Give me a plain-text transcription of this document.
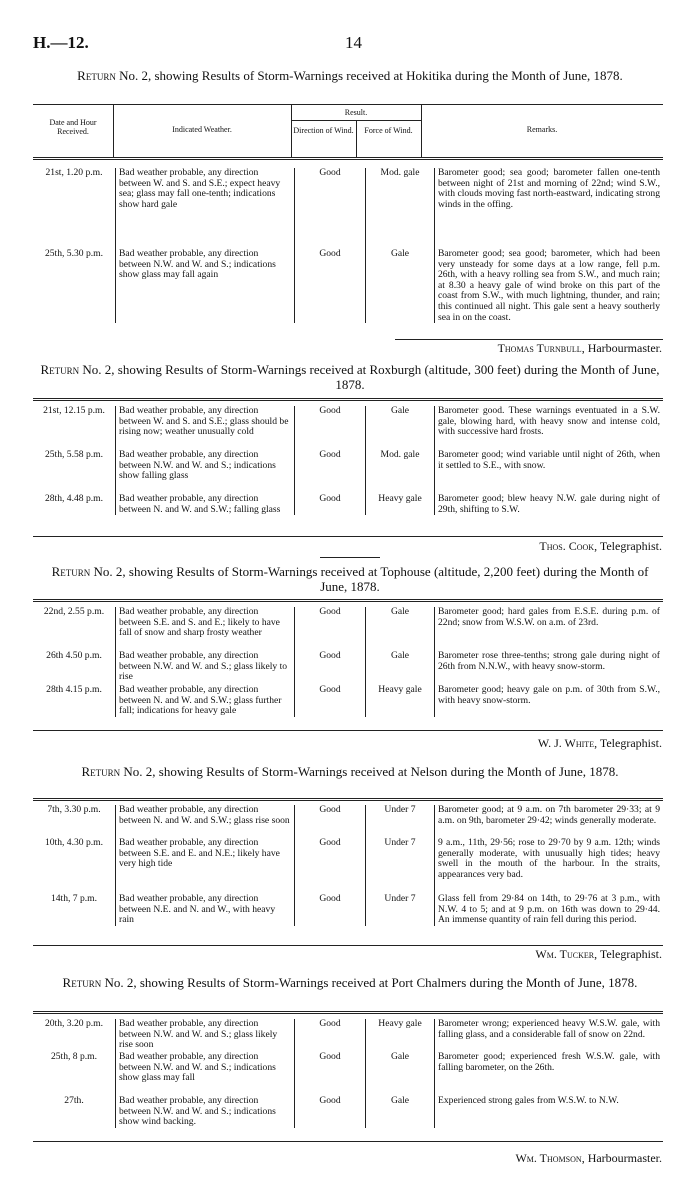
H.—12.	14
Return No. 2, showing Results of Storm-Warnings received at Hokitika during the Month of June, 1878.
Date and Hour Received.	Indicated Weather.
Result.
Direction of Wind.	Force of Wind.	Remarks.
21st, 1.20 p.m.	Bad weather probable, any direction between W. and S. and S.E.; expect heavy sea; glass may fall one-tenth; indications show hard gale	Good	Mod. gale	Barometer good; sea good; barometer fallen one-tenth between night of 21st and morning of 22nd; wind S.W., with clouds moving fast north-eastward, indicating strong winds in the offing.
25th, 5.30 p.m.	Bad weather probable, any direction between N.W. and W. and S.; indications show glass may fall again	Good	Gale	Barometer good; sea good; barometer, which had been very unsteady for some days at a low range, fell p.m. 26th, with a heavy rolling sea from S.W., and much rain; at 8.30 a heavy gale of wind broke on this part of the coast from S.W., with much lightning, thunder, and rain; this continued all night. This gale sent a heavy southerly sea in on the coast.
Thomas Turnbull, Harbourmaster.
Return No. 2, showing Results of Storm-Warnings received at Roxburgh (altitude, 300 feet) during the Month of June, 1878.
21st, 12.15 p.m.	Bad weather probable, any direction between W. and S. and S.E.; glass should be rising now; weather unusually cold	Good	Gale	Barometer good. These warnings eventuated in a S.W. gale, blowing hard, with heavy snow and intense cold, with successive hard frosts.
25th, 5.58 p.m.	Bad weather probable, any direction between N.W. and W. and S.; indications show falling glass	Good	Mod. gale	Barometer good; wind variable until night of 26th, when it settled to S.E., with snow.
28th, 4.48 p.m.	Bad weather probable, any direction between N. and W. and S.W.; falling glass	Good	Heavy gale	Barometer good; blew heavy N.W. gale during night of 29th, shifting to S.W.
Thos. Cook, Telegraphist.
Return No. 2, showing Results of Storm-Warnings received at Tophouse (altitude, 2,200 feet) during the Month of June, 1878.
22nd, 2.55 p.m.	Bad weather probable, any direction between S.E. and S. and E.; likely to have fall of snow and sharp frosty weather	Good	Gale	Barometer good; hard gales from E.S.E. during p.m. of 22nd; snow from W.S.W. on a.m. of 23rd.
26th 4.50 p.m.	Bad weather probable, any direction between N.W. and W. and S.; glass likely to rise	Good	Gale	Barometer rose three-tenths; strong gale during night of 26th from N.N.W., with heavy snow-storm.
28th 4.15 p.m.	Bad weather probable, any direction between N. and W. and S.W.; glass further fall; indications for heavy gale	Good	Heavy gale	Barometer good; heavy gale on p.m. of 30th from S.W., with heavy snow-storm.
W. J. White, Telegraphist.
Return No. 2, showing Results of Storm-Warnings received at Nelson during the Month of June, 1878.
7th, 3.30 p.m.	Bad weather probable, any direction between N. and W. and S.W.; glass rise soon	Good	Under 7	Barometer good; at 9 a.m. on 7th barometer 29·33; at 9 a.m. on 9th, barometer 29·42; winds generally moderate.
10th, 4.30 p.m.	Bad weather probable, any direction between S.E. and E. and N.E.; likely have very high tide	Good	Under 7	9 a.m., 11th, 29·56; rose to 29·70 by 9 a.m. 12th; winds generally moderate, with unusually high tides; heavy swell in the mouth of the harbour. In the straits, appearances very bad.
14th, 7 p.m.	Bad weather probable, any direction between N.E. and N. and W., with heavy rain	Good	Under 7	Glass fell from 29·84 on 14th, to 29·76 at 3 p.m., with N.W. 4 to 5; and at 9 p.m. on 16th was down to 29·44. An immense quantity of rain fell during this period.
Wm. Tucker, Telegraphist.
Return No. 2, showing Results of Storm-Warnings received at Port Chalmers during the Month of June, 1878.
20th, 3.20 p.m.	Bad weather probable, any direction between N.W. and W. and S.; glass likely rise soon	Good	Heavy gale	Barometer wrong; experienced heavy W.S.W. gale, with falling glass, and a considerable fall of snow on 22nd.
25th, 8 p.m.	Bad weather probable, any direction between N.W. and W. and S.; indications show glass may fall	Good	Gale	Barometer good; experienced fresh W.S.W. gale, with falling barometer, on the 26th.
27th.	Bad weather probable, any direction between N.W. and W. and S.; indications show wind backing.	Good	Gale	Experienced strong gales from W.S.W. to N.W.
Wm. Thomson, Harbourmaster.
